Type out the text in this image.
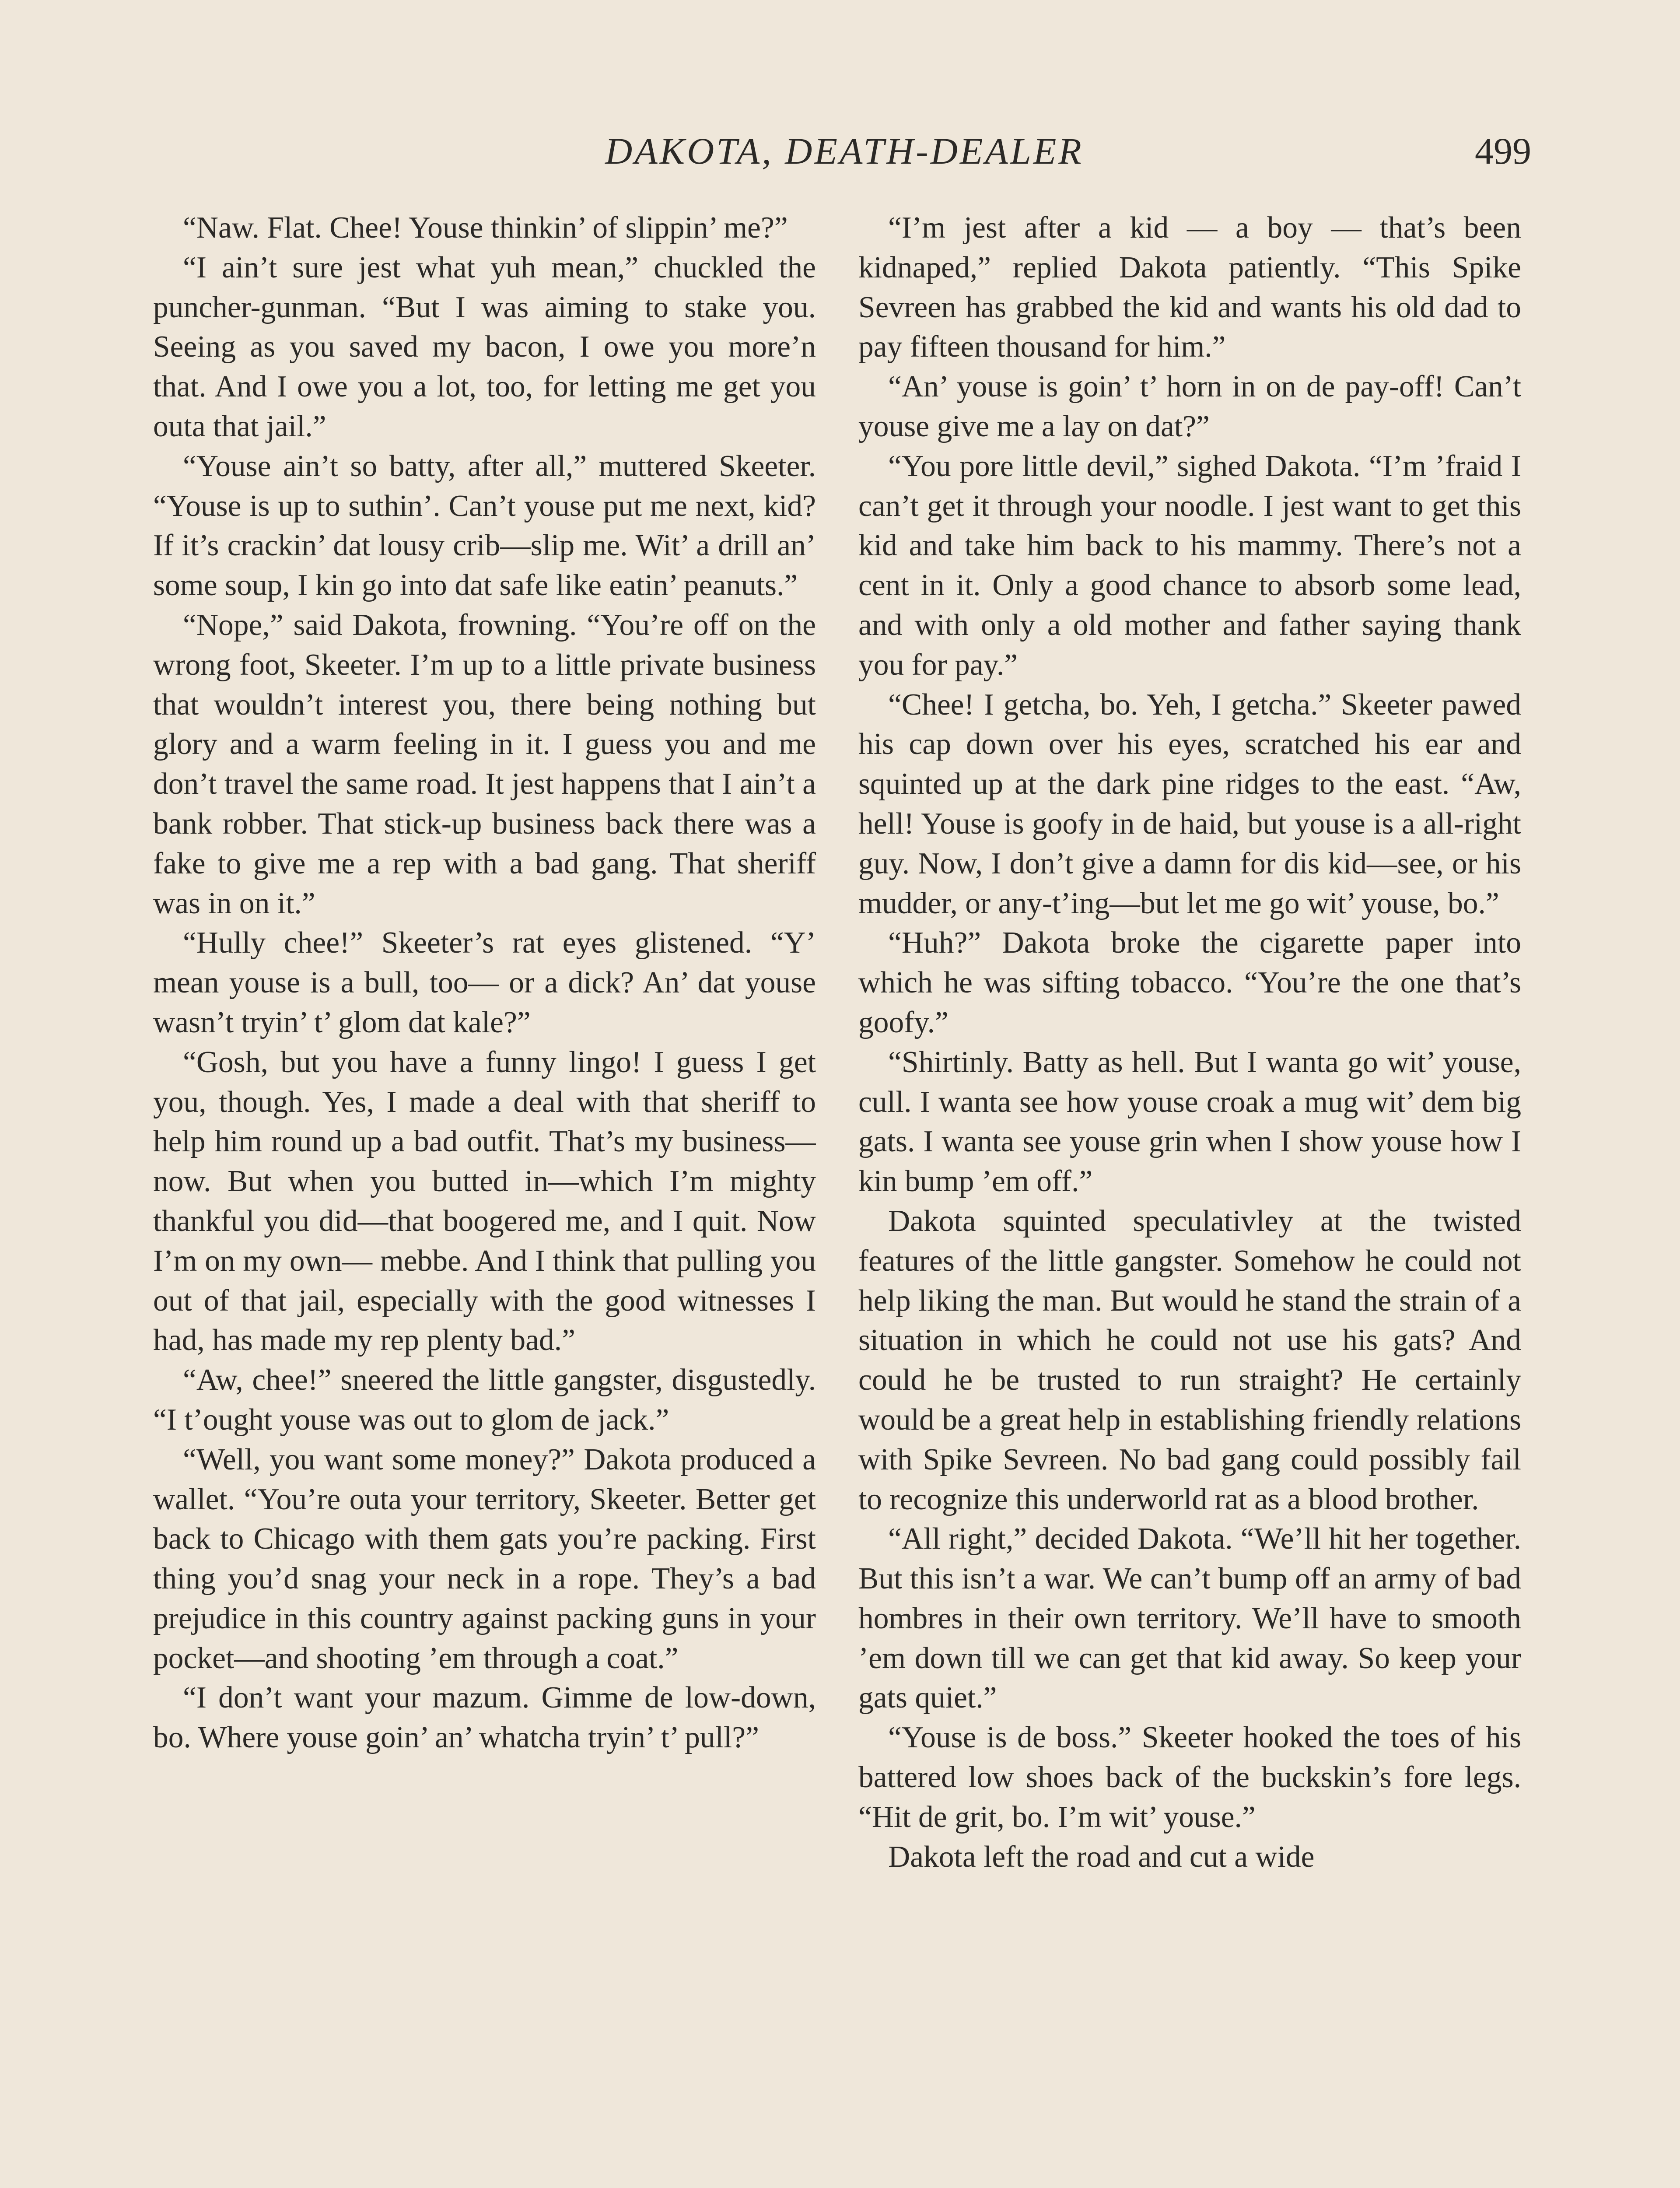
DAKOTA, DEATH-DEALER	499

“Naw. Flat. Chee! Youse thinkin’ of slippin’ me?”

“I ain’t sure jest what yuh mean,” chuckled the puncher-gunman. “But I was aiming to stake you. Seeing as you saved my bacon, I owe you more’n that. And I owe you a lot, too, for letting me get you outa that jail.”

“Youse ain’t so batty, after all,” muttered Skeeter. “Youse is up to suthin’. Can’t youse put me next, kid? If it’s crackin’ dat lousy crib—slip me. Wit’ a drill an’ some soup, I kin go into dat safe like eatin’ peanuts.”

“Nope,” said Dakota, frowning. “You’re off on the wrong foot, Skeeter. I’m up to a little private business that wouldn’t interest you, there being nothing but glory and a warm feeling in it. I guess you and me don’t travel the same road. It jest happens that I ain’t a bank robber. That stick-up business back there was a fake to give me a rep with a bad gang. That sheriff was in on it.”

“Hully chee!” Skeeter’s rat eyes glistened. “Y’ mean youse is a bull, too— or a dick? An’ dat youse wasn’t tryin’ t’ glom dat kale?”

“Gosh, but you have a funny lingo! I guess I get you, though. Yes, I made a deal with that sheriff to help him round up a bad outfit. That’s my business—now. But when you butted in—which I’m mighty thankful you did—that boogered me, and I quit. Now I’m on my own— mebbe. And I think that pulling you out of that jail, especially with the good witnesses I had, has made my rep plenty bad.”

“Aw, chee!” sneered the little gangster, disgustedly. “I t’ought youse was out to glom de jack.”

“Well, you want some money?” Dakota produced a wallet. “You’re outa your territory, Skeeter. Better get back to Chicago with them gats you’re packing. First thing you’d snag your neck in a rope. They’s a bad prejudice in this country against packing guns in your pocket—and shooting ’em through a coat.”

“I don’t want your mazum. Gimme de low-down, bo. Where youse goin’ an’ whatcha tryin’ t’ pull?”

“I’m jest after a kid — a boy — that’s been kidnaped,” replied Dakota patiently. “This Spike Sevreen has grabbed the kid and wants his old dad to pay fifteen thousand for him.”

“An’ youse is goin’ t’ horn in on de pay-off! Can’t youse give me a lay on dat?”

“You pore little devil,” sighed Dakota. “I’m ’fraid I can’t get it through your noodle. I jest want to get this kid and take him back to his mammy. There’s not a cent in it. Only a good chance to absorb some lead, and with only a old mother and father saying thank you for pay.”

“Chee! I getcha, bo. Yeh, I getcha.” Skeeter pawed his cap down over his eyes, scratched his ear and squinted up at the dark pine ridges to the east. “Aw, hell! Youse is goofy in de haid, but youse is a all-right guy. Now, I don’t give a damn for dis kid—see, or his mudder, or any-t’ing—but let me go wit’ youse, bo.”

“Huh?” Dakota broke the cigarette paper into which he was sifting tobacco. “You’re the one that’s goofy.”

“Shirtinly. Batty as hell. But I wanta go wit’ youse, cull. I wanta see how youse croak a mug wit’ dem big gats. I wanta see youse grin when I show youse how I kin bump ’em off.”

Dakota squinted speculativley at the twisted features of the little gangster. Somehow he could not help liking the man. But would he stand the strain of a situation in which he could not use his gats? And could he be trusted to run straight? He certainly would be a great help in establishing friendly relations with Spike Sevreen. No bad gang could possibly fail to recognize this underworld rat as a blood brother.

“All right,” decided Dakota. “We’ll hit her together. But this isn’t a war. We can’t bump off an army of bad hombres in their own territory. We’ll have to smooth ’em down till we can get that kid away. So keep your gats quiet.”

“Youse is de boss.” Skeeter hooked the toes of his battered low shoes back of the buckskin’s fore legs. “Hit de grit, bo. I’m wit’ youse.”

Dakota left the road and cut a wide
